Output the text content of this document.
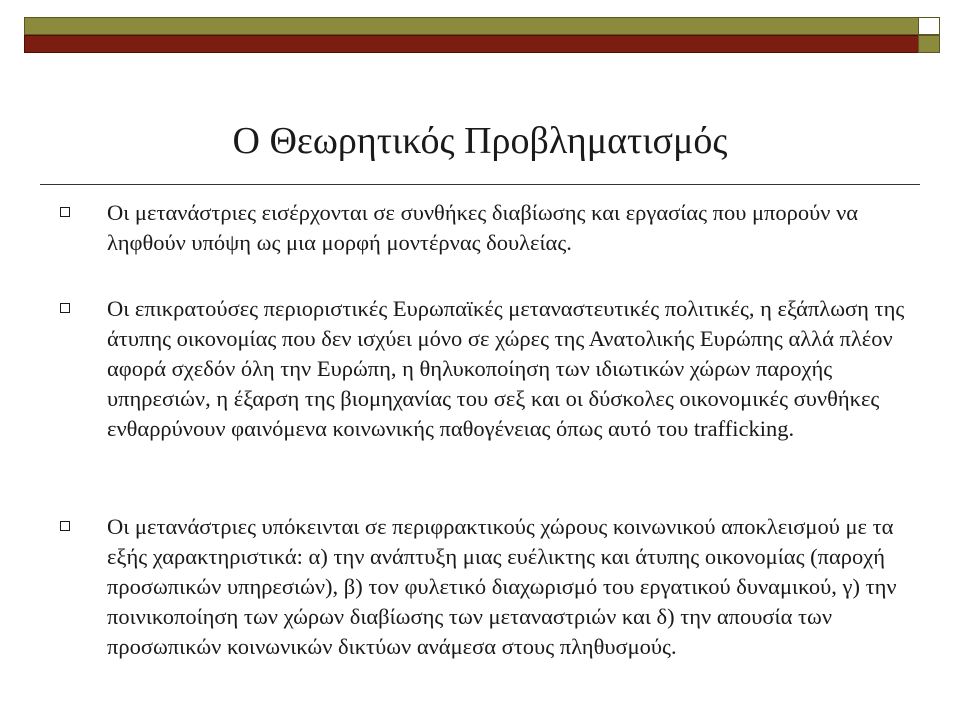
Ο Θεωρητικός Προβληματισμός
Οι μετανάστριες εισέρχονται σε συνθήκες διαβίωσης και εργασίας που μπορούν να ληφθούν υπόψη ως μια μορφή μοντέρνας δουλείας.
Οι επικρατούσες περιοριστικές Ευρωπαϊκές μεταναστευτικές πολιτικές, η εξάπλωση της άτυπης οικονομίας που δεν ισχύει μόνο σε χώρες της Ανατολικής Ευρώπης αλλά πλέον αφορά σχεδόν όλη την Ευρώπη, η θηλυκοποίηση των ιδιωτικών χώρων παροχής υπηρεσιών, η έξαρση της βιομηχανίας του σεξ και οι δύσκολες οικονομικές συνθήκες ενθαρρύνουν φαινόμενα κοινωνικής παθογένειας όπως αυτό του trafficking.
Οι μετανάστριες υπόκεινται σε περιφρακτικούς χώρους κοινωνικού αποκλεισμού με τα εξής χαρακτηριστικά: α) την ανάπτυξη μιας ευέλικτης και άτυπης οικονομίας (παροχή προσωπικών υπηρεσιών), β) τον φυλετικό διαχωρισμό του εργατικού δυναμικού, γ) την ποινικοποίηση των χώρων διαβίωσης των μεταναστριών και δ) την απουσία των προσωπικών κοινωνικών δικτύων ανάμεσα στους πληθυσμούς.
